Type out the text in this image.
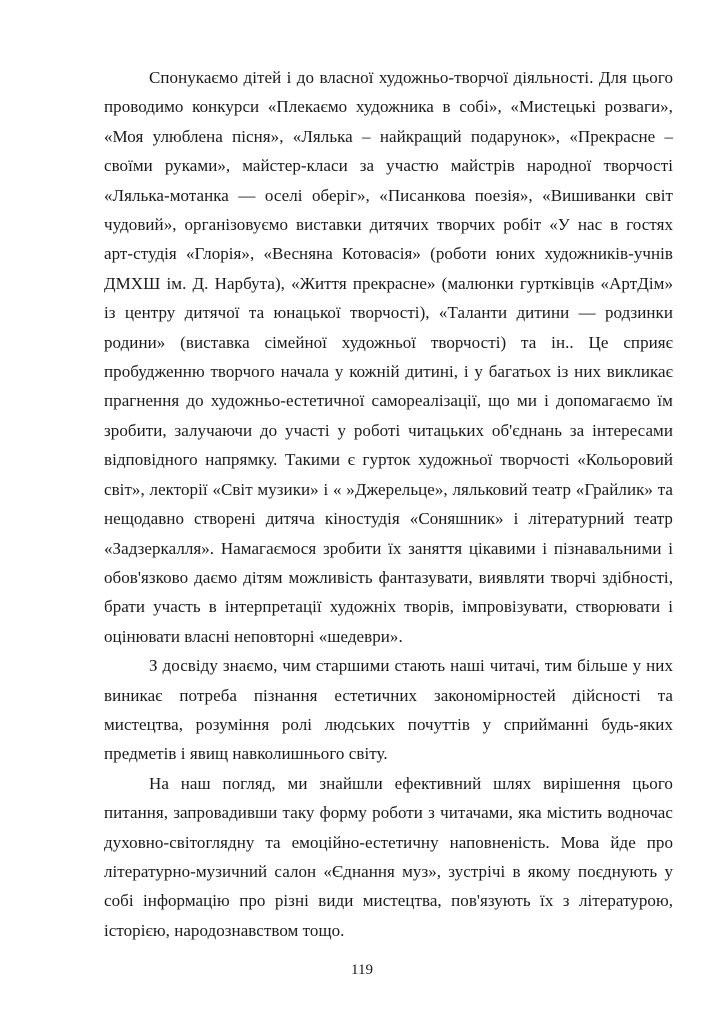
Спонукаємо дітей і до власної художньо-творчої діяльності. Для цього проводимо конкурси «Плекаємо художника в собі», «Мистецькі розваги», «Моя улюблена пісня», «Лялька – найкращий подарунок», «Прекрасне – своїми руками», майстер-класи за участю майстрів народної творчості «Лялька-мотанка — оселі оберіг», «Писанкова поезія», «Вишиванки світ чудовий», організовуємо виставки дитячих творчих робіт «У нас в гостях арт-студія «Глорія», «Весняна Котовасія» (роботи юних художників-учнів ДМХШ ім. Д. Нарбута), «Життя прекрасне» (малюнки гуртківців «АртДім» із центру дитячої та юнацької творчості), «Таланти дитини — родзинки родини» (виставка сімейної художньої творчості) та ін.. Це сприяє пробудженню творчого начала у кожній дитині, і у багатьох із них викликає прагнення до художньо-естетичної самореалізації, що ми і допомагаємо їм зробити, залучаючи до участі у роботі читацьких об'єднань за інтересами відповідного напрямку. Такими є гурток художньої творчості «Кольоровий світ», лекторії «Світ музики» і « »Джерельце», ляльковий театр «Грайлик» та нещодавно створені дитяча кіностудія «Соняшник» і літературний театр «Задзеркалля». Намагаємося зробити їх заняття цікавими і пізнавальними і обов'язково даємо дітям можливість фантазувати, виявляти творчі здібності, брати участь в інтерпретації художніх творів, імпровізувати, створювати і оцінювати власні неповторні «шедеври».

З досвіду знаємо, чим старшими стають наші читачі, тим більше у них виникає потреба пізнання естетичних закономірностей дійсності та мистецтва, розуміння ролі людських почуттів у сприйманні будь-яких предметів і явищ навколишнього світу.

На наш погляд, ми знайшли ефективний шлях вирішення цього питання, запровадивши таку форму роботи з читачами, яка містить водночас духовно-світоглядну та емоційно-естетичну наповненість. Мова йде про літературно-музичний салон «Єднання муз», зустрічі в якому поєднують у собі інформацію про різні види мистецтва, пов'язують їх з літературою, історією, народознавством тощо.

119
